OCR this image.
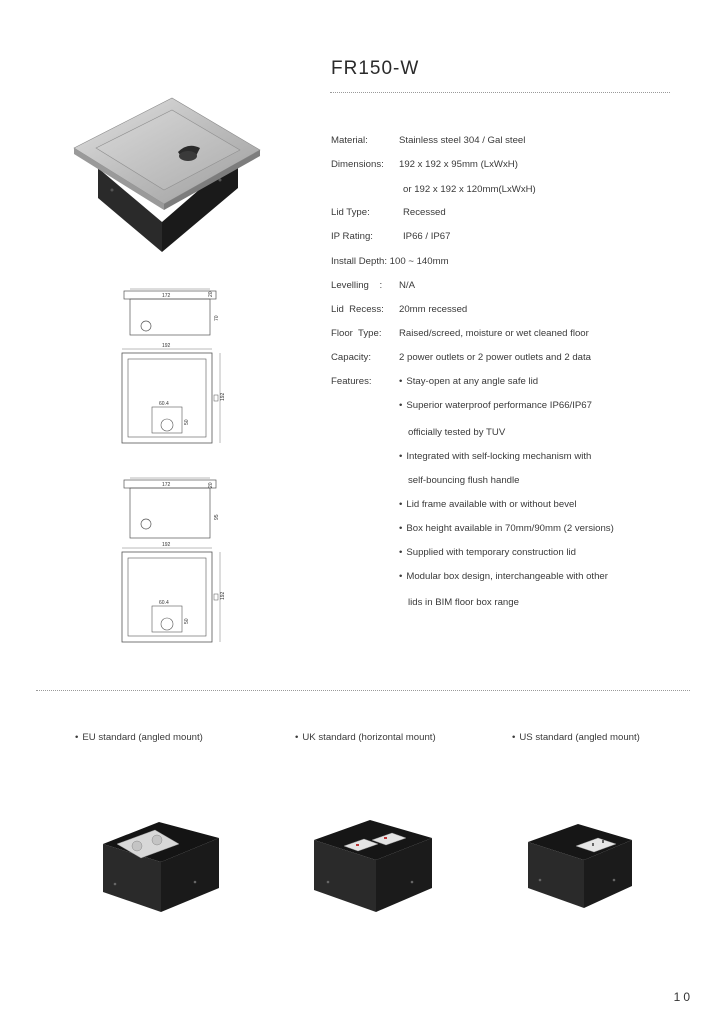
FR150-W
Material:	Stainless steel 304 / Gal steel
Dimensions: 192 x 192 x 95mm (LxWxH)
or 192 x 192 x 120mm(LxWxH)
Lid Type:	Recessed
IP Rating:	IP66 / IP67
Install Depth: 100 ~ 140mm
Levelling    : N/A
Lid  Recess: 20mm recessed
Floor  Type: Raised/screed, moisture or wet cleaned floor
Capacity:	2 power outlets or 2 power outlets and 2 data
Features:	• Stay-open at any angle safe lid
• Superior waterproof performance IP66/IP67
officially tested by TUV
• Integrated with self-locking mechanism with
self-bouncing flush handle
• Lid frame available with or without bevel
• Box height available in 70mm/90mm (2 versions)
• Supplied with temporary construction lid
• Modular box design, interchangeable with other
lids in BIM floor box range
172	20
70
192
60.4
50
192
172	20
95
192
60.4
50
192
• EU standard (angled mount)	• UK standard (horizontal mount)	• US standard (angled mount)
10
